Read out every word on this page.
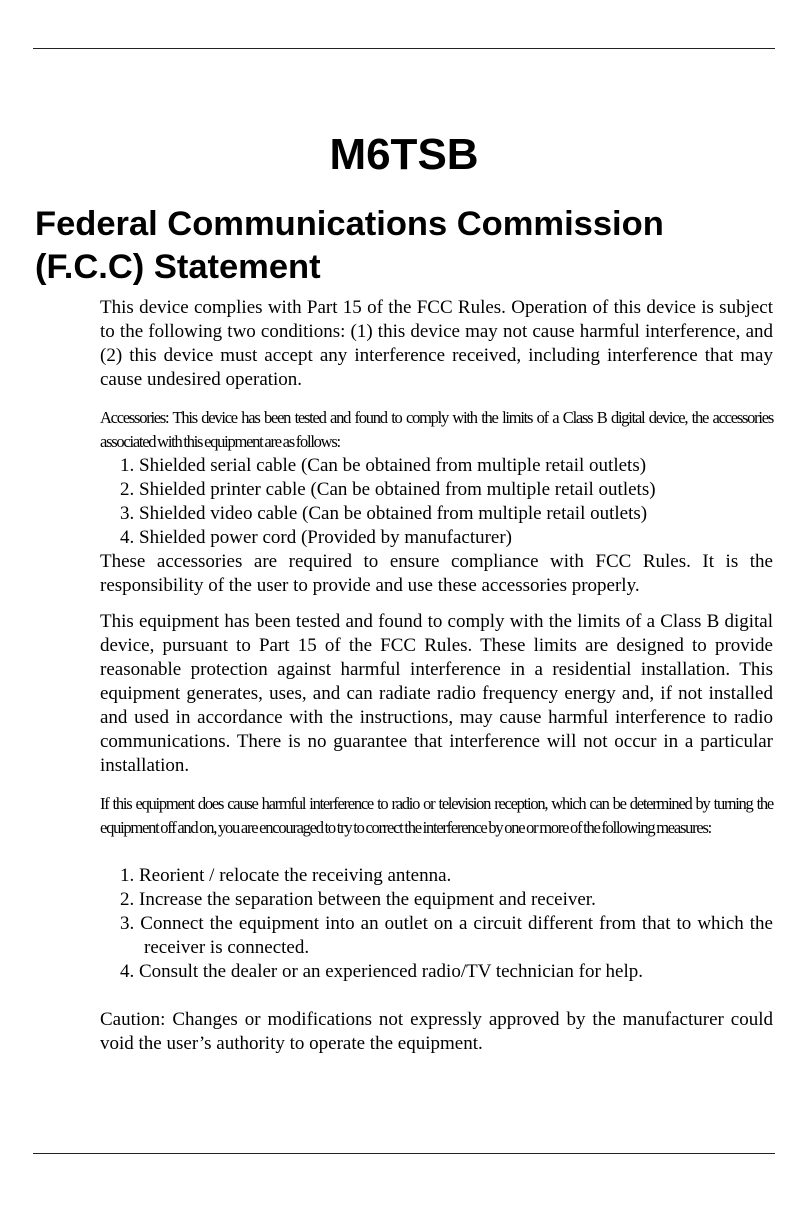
M6TSB
Federal Communications Commission
(F.C.C) Statement

This device complies with Part 15 of the FCC Rules. Operation of this device is subject to the following two conditions: (1) this device may not cause harmful interference, and (2) this device must accept any interference received, including interference that may cause undesired operation.

Accessories: This device has been tested and found to comply with the limits of a Class B digital device, the accessories associated with this equipment are as follows:

1. Shielded serial cable (Can be obtained from multiple retail outlets)
2. Shielded printer cable (Can be obtained from multiple retail outlets)
3. Shielded video cable (Can be obtained from multiple retail outlets)
4. Shielded power cord (Provided by manufacturer)

These accessories are required to ensure compliance with FCC Rules. It is the responsibility of the user to provide and use these accessories properly.

This equipment has been tested and found to comply with the limits of a Class B digital device, pursuant to Part 15 of the FCC Rules. These limits are designed to provide reasonable protection against harmful interference in a residential installation. This equipment generates, uses, and can radiate radio frequency energy and, if not installed and used in accordance with the instructions, may cause harmful interference to radio communications. There is no guarantee that interference will not occur in a particular installation.

If this equipment does cause harmful interference to radio or television reception, which can be determined by turning the equipment off and on, you are encouraged to try to correct the interference by one or more of the following measures:

1. Reorient / relocate the receiving antenna.
2. Increase the separation between the equipment and receiver.
3. Connect the equipment into an outlet on a circuit different from that to which the receiver is connected.
4. Consult the dealer or an experienced radio/TV technician for help.

Caution: Changes or modifications not expressly approved by the manufacturer could void the user’s authority to operate the equipment.
